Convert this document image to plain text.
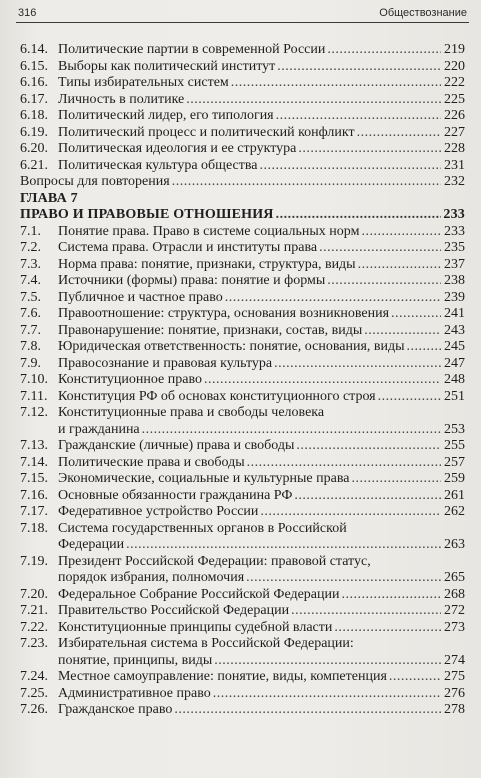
316	Обществознание
6.14. Политические партии в современной России .....	219
6.15. Выборы как политический институт .....	220
6.16. Типы избирательных систем .....	222
6.17. Личность в политике .....	225
6.18. Политический лидер, его типология .....	226
6.19. Политический процесс и политический конфликт .....	227
6.20. Политическая идеология и ее структура .....	228
6.21. Политическая культура общества .....	231
Вопросы для повторения .....	232
ГЛАВА 7
ПРАВО И ПРАВОВЫЕ ОТНОШЕНИЯ .....	233
7.1.	Понятие права. Право в системе социальных норм .....	233
7.2.	Система права. Отрасли и институты права .....	235
7.3.	Норма права: понятие, признаки, структура, виды .....	237
7.4.	Источники (формы) права: понятие и формы .....	238
7.5.	Публичное и частное право .....	239
7.6.	Правоотношение: структура, основания возникновения .....	241
7.7.	Правонарушение: понятие, признаки, состав, виды .....	243
7.8.	Юридическая ответственность: понятие, основания, виды .....	245
7.9.	Правосознание и правовая культура .....	247
7.10. Конституционное право .....	248
7.11. Конституция РФ об основах конституционного строя .....	251
7.12. Конституционные права и свободы человека
и гражданина .....	253
7.13. Гражданские (личные) права и свободы .....	255
7.14. Политические права и свободы .....	257
7.15. Экономические, социальные и культурные права .....	259
7.16. Основные обязанности гражданина РФ .....	261
7.17. Федеративное устройство России .....	262
7.18. Система государственных органов в Российской
Федерации .....	263
7.19. Президент Российской Федерации: правовой статус,
порядок избрания, полномочия .....	265
7.20. Федеральное Собрание Российской Федерации .....	268
7.21. Правительство Российской Федерации .....	272
7.22. Конституционные принципы судебной власти .....	273
7.23. Избирательная система в Российской Федерации:
понятие, принципы, виды .....	274
7.24. Местное самоуправление: понятие, виды, компетенция .....	275
7.25. Административное право .....	276
7.26. Гражданское право .....	278
